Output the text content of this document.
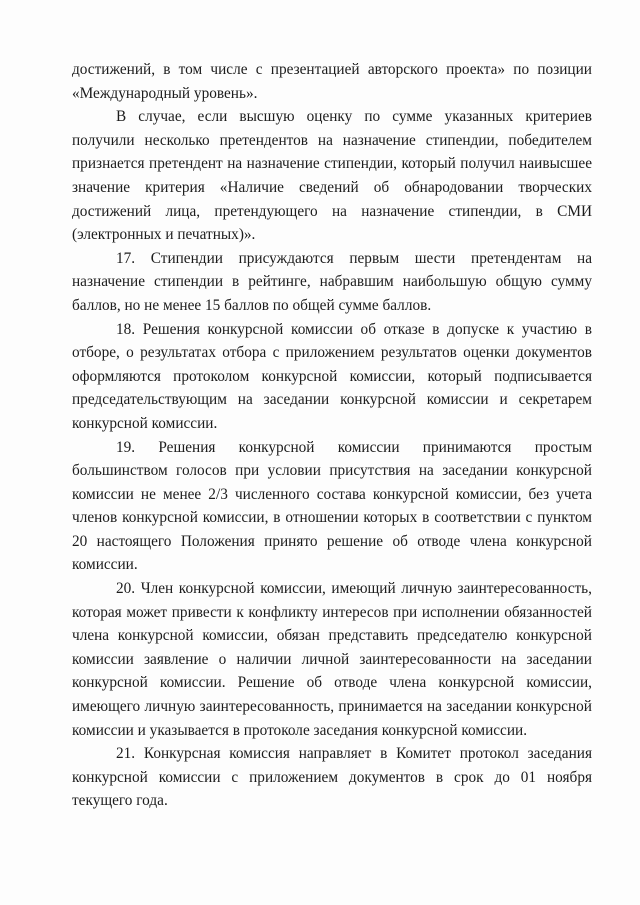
достижений, в том числе с презентацией авторского проекта» по позиции «Международный уровень».

В случае, если высшую оценку по сумме указанных критериев получили несколько претендентов на назначение стипендии, победителем признается претендент на назначение стипендии, который получил наивысшее значение критерия «Наличие сведений об обнародовании творческих достижений лица, претендующего на назначение стипендии, в СМИ (электронных и печатных)».

17. Стипендии присуждаются первым шести претендентам на назначение стипендии в рейтинге, набравшим наибольшую общую сумму баллов, но не менее 15 баллов по общей сумме баллов.

18. Решения конкурсной комиссии об отказе в допуске к участию в отборе, о результатах отбора с приложением результатов оценки документов оформляются протоколом конкурсной комиссии, который подписывается председательствующим на заседании конкурсной комиссии и секретарем конкурсной комиссии.

19. Решения конкурсной комиссии принимаются простым большинством голосов при условии присутствия на заседании конкурсной комиссии не менее 2/3 численного состава конкурсной комиссии, без учета членов конкурсной комиссии, в отношении которых в соответствии с пунктом 20 настоящего Положения принято решение об отводе члена конкурсной комиссии.

20. Член конкурсной комиссии, имеющий личную заинтересованность, которая может привести к конфликту интересов при исполнении обязанностей члена конкурсной комиссии, обязан представить председателю конкурсной комиссии заявление о наличии личной заинтересованности на заседании конкурсной комиссии. Решение об отводе члена конкурсной комиссии, имеющего личную заинтересованность, принимается на заседании конкурсной комиссии и указывается в протоколе заседания конкурсной комиссии.

21. Конкурсная комиссия направляет в Комитет протокол заседания конкурсной комиссии с приложением документов в срок до 01 ноября текущего года.
